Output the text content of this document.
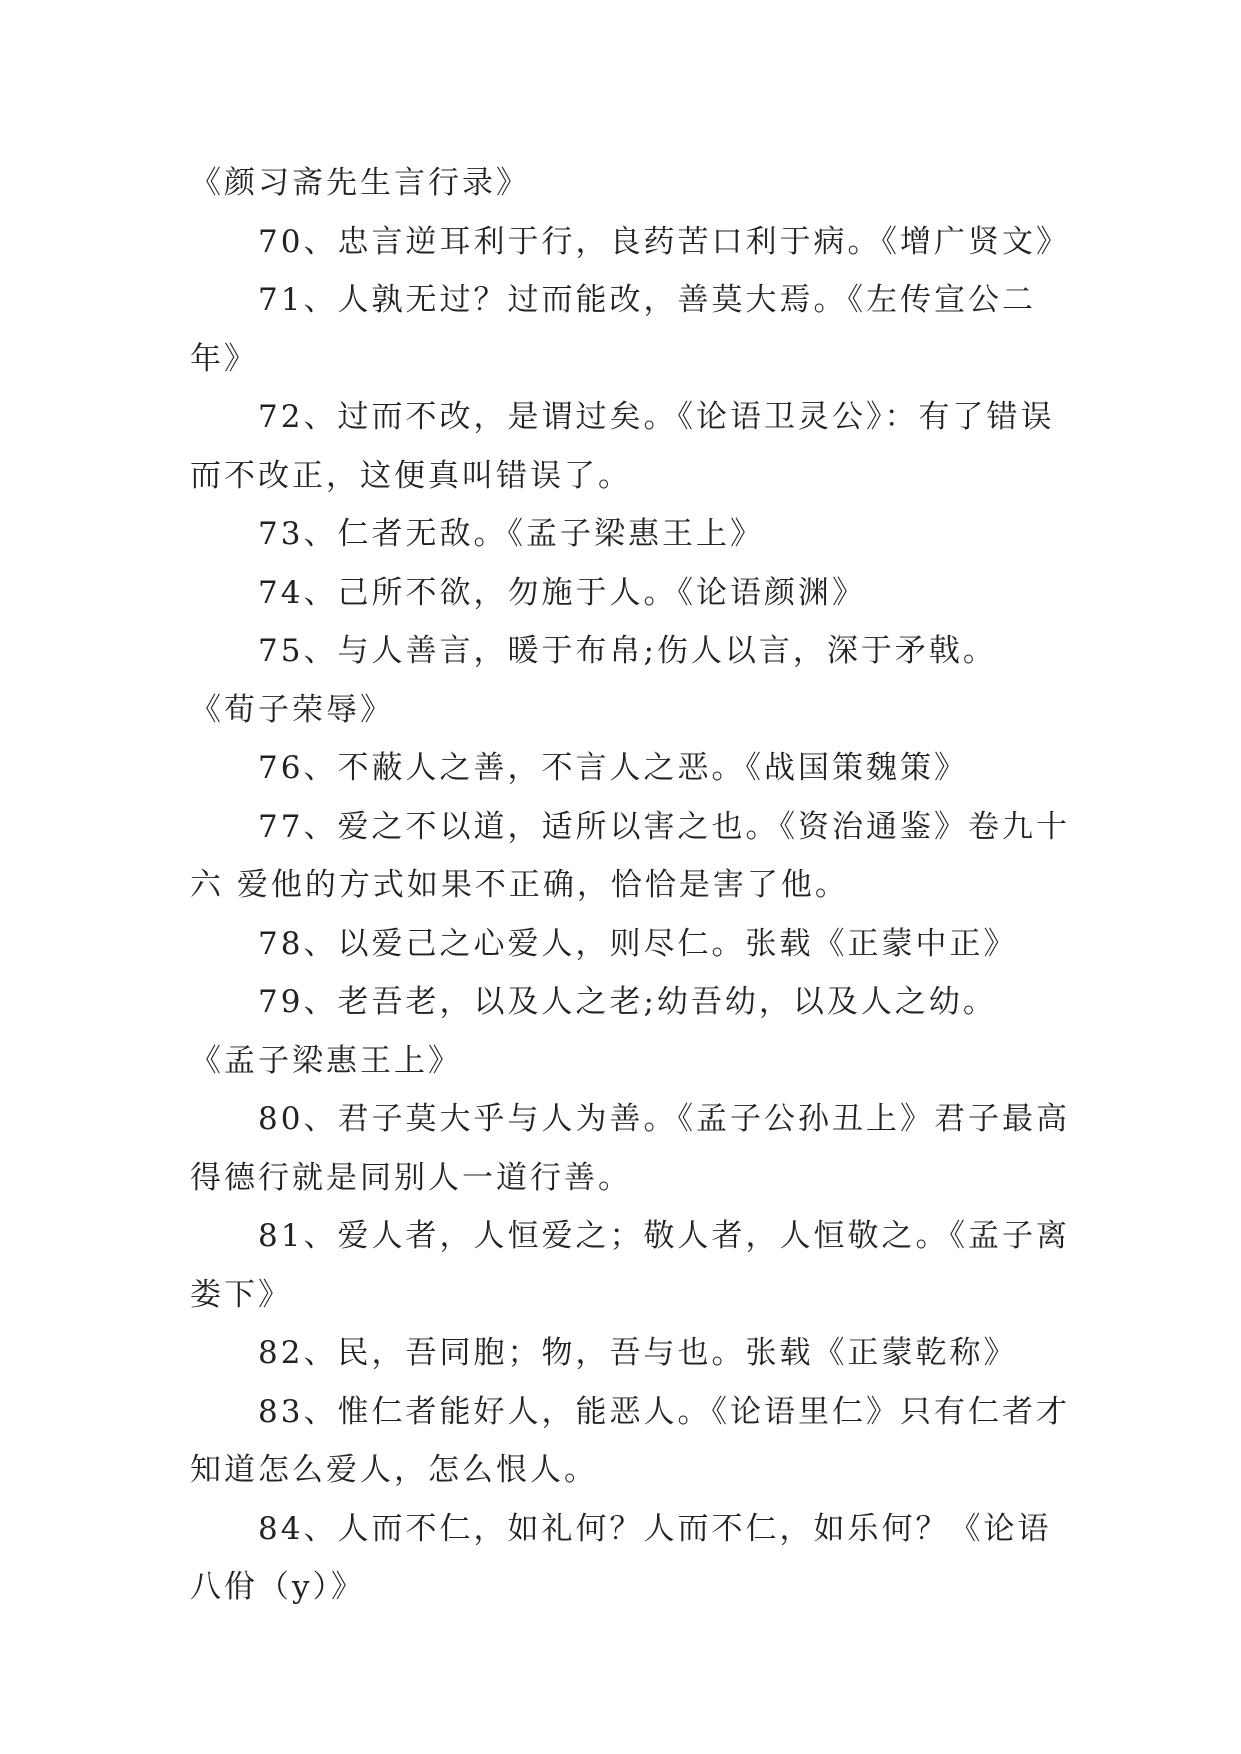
《颜习斋先生言行录》

70、忠言逆耳利于行，良药苦口利于病。《增广贤文》

71、人孰无过？过而能改，善莫大焉。《左传宣公二年》

72、过而不改，是谓过矣。《论语卫灵公》：有了错误而不改正，这便真叫错误了。

73、仁者无敌。《孟子梁惠王上》

74、己所不欲，勿施于人。《论语颜渊》

75、与人善言，暖于布帛;伤人以言，深于矛戟。 《荀子荣辱》

76、不蔽人之善，不言人之恶。《战国策魏策》

77、爱之不以道，适所以害之也。《资治通鉴》卷九十六 爱他的方式如果不正确，恰恰是害了他。

78、以爱己之心爱人，则尽仁。张载《正蒙中正》

79、老吾老，以及人之老;幼吾幼，以及人之幼。 《孟子梁惠王上》

80、君子莫大乎与人为善。《孟子公孙丑上》君子最高得德行就是同别人一道行善。

81、爱人者，人恒爱之；敬人者，人恒敬之。《孟子离娄下》

82、民，吾同胞；物，吾与也。张载《正蒙乾称》

83、惟仁者能好人，能恶人。《论语里仁》只有仁者才知道怎么爱人，怎么恨人。

84、人而不仁，如礼何？人而不仁，如乐何？《论语八佾（y）》
